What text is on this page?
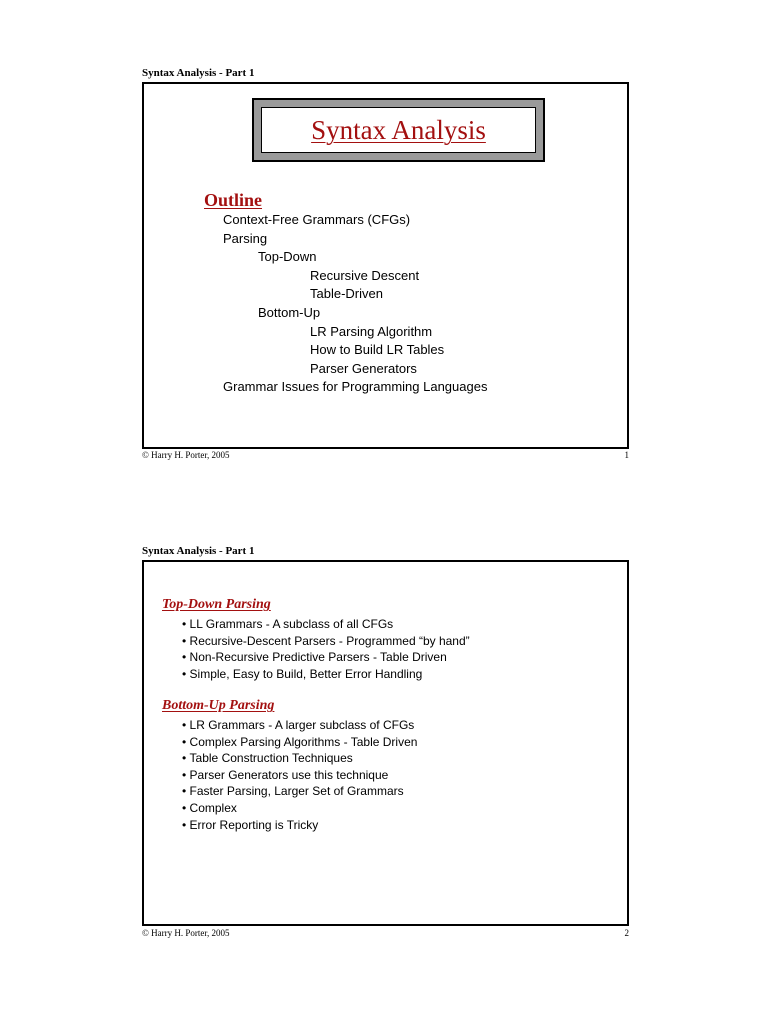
Syntax Analysis - Part 1
Syntax Analysis
Outline
Context-Free Grammars (CFGs)
Parsing
Top-Down
Recursive Descent
Table-Driven
Bottom-Up
LR Parsing Algorithm
How to Build LR Tables
Parser Generators
Grammar Issues for Programming Languages
© Harry H. Porter, 2005	1
Syntax Analysis - Part 1
Top-Down Parsing
• LL Grammars - A subclass of all CFGs
• Recursive-Descent Parsers - Programmed “by hand”
• Non-Recursive Predictive Parsers - Table Driven
• Simple, Easy to Build, Better Error Handling
Bottom-Up Parsing
• LR Grammars - A larger subclass of CFGs
• Complex Parsing Algorithms - Table Driven
• Table Construction Techniques
• Parser Generators use this technique
• Faster Parsing, Larger Set of Grammars
• Complex
• Error Reporting is Tricky
© Harry H. Porter, 2005	2
